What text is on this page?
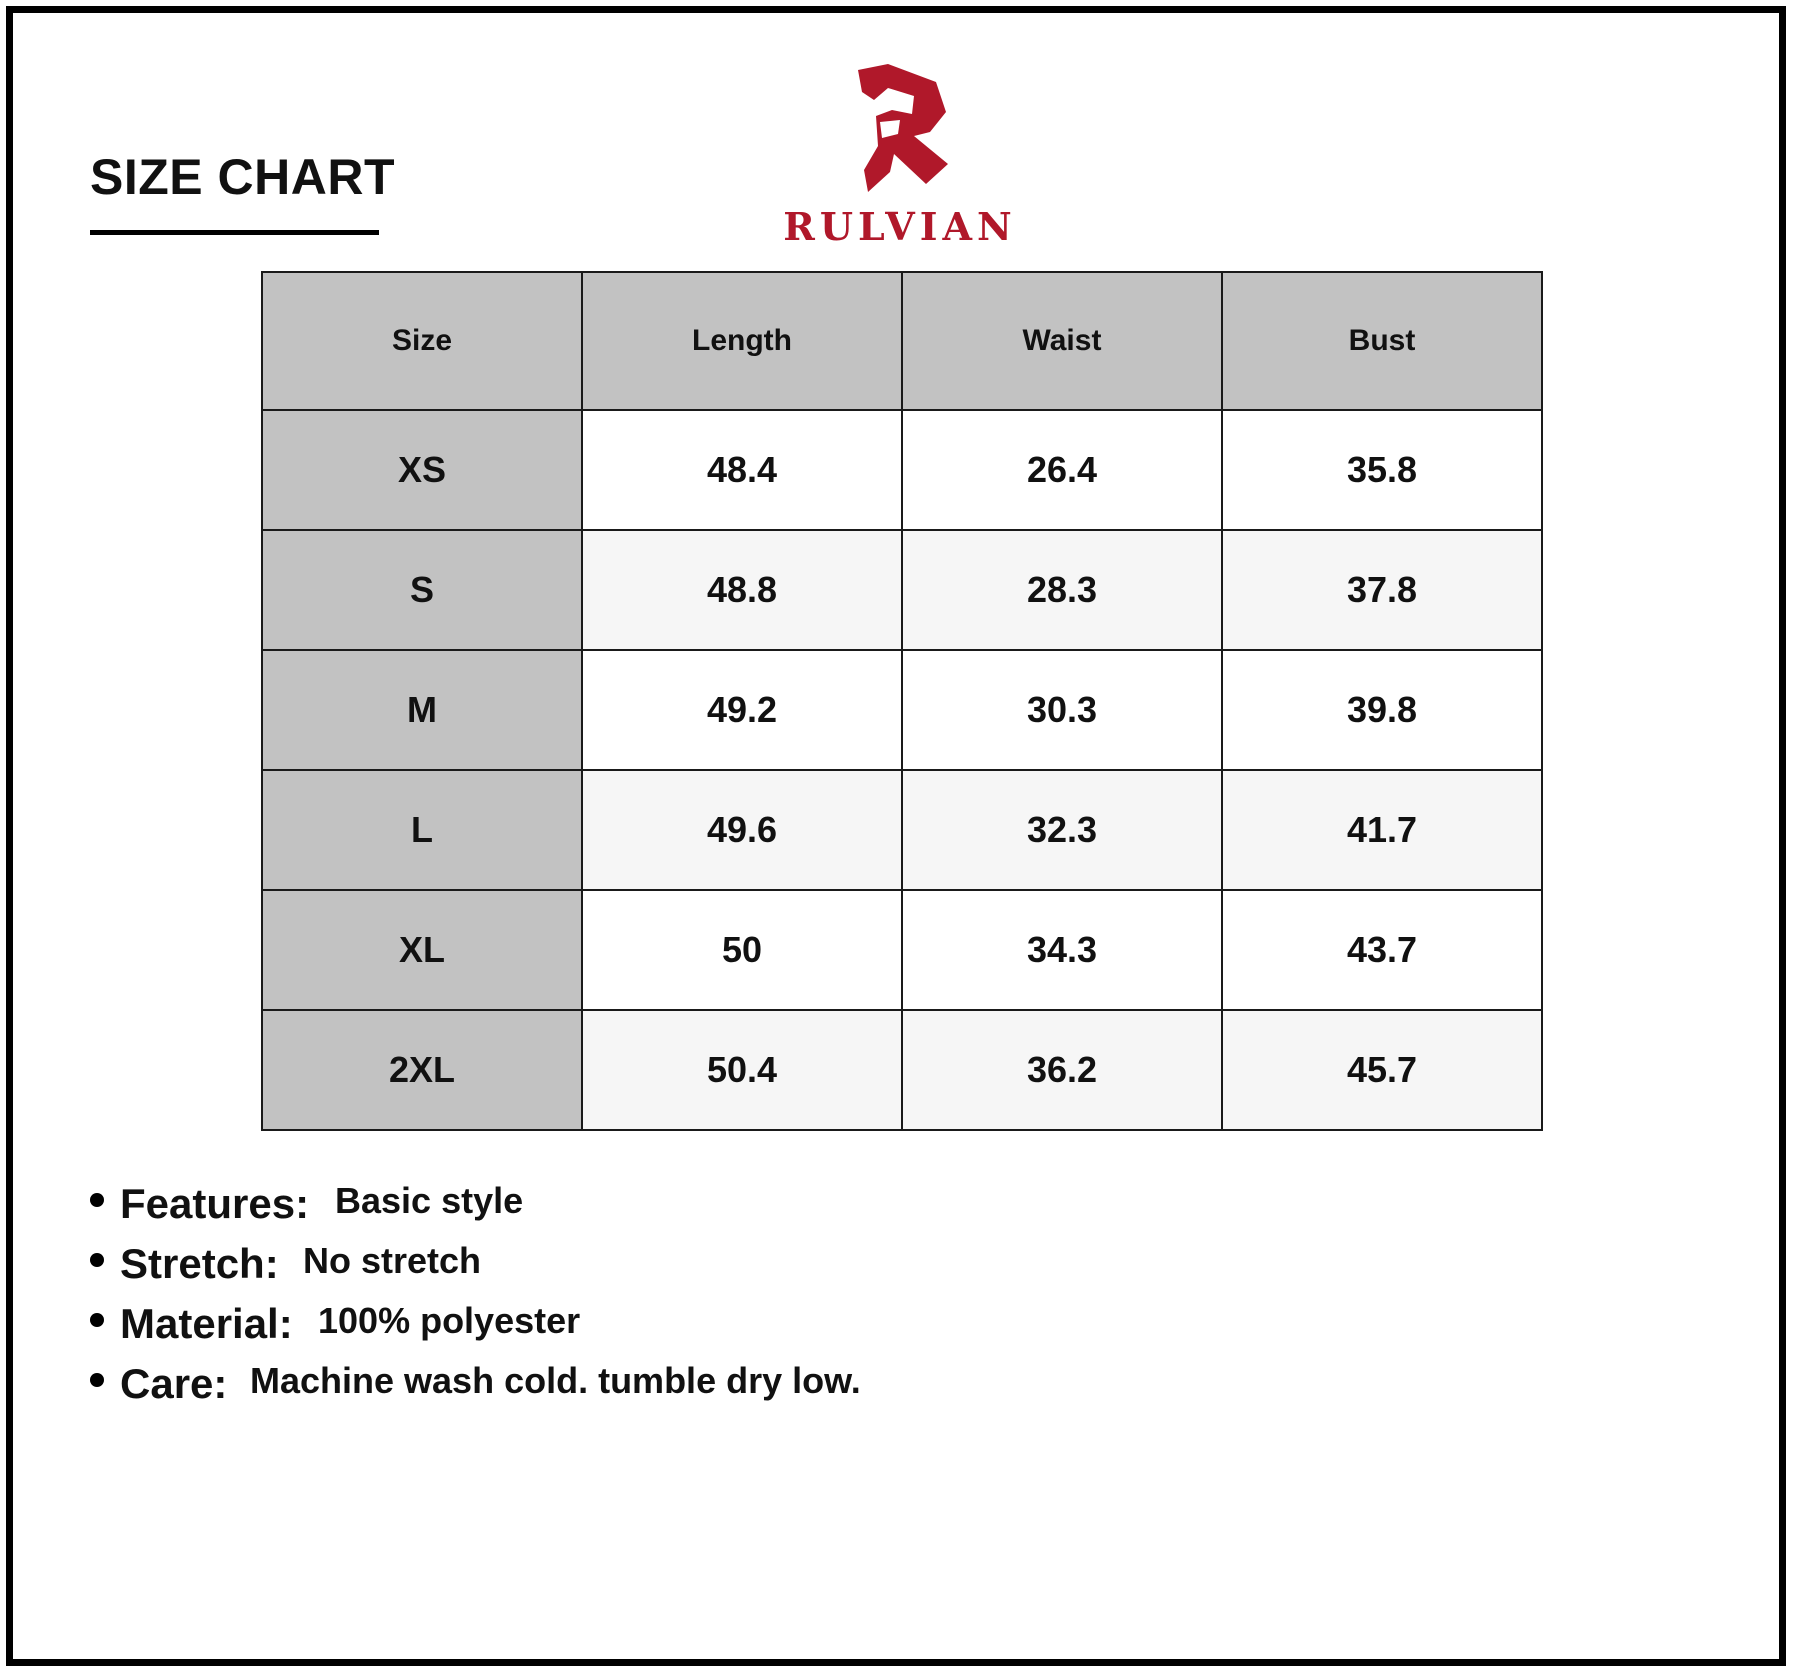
SIZE CHART
RULVIAN
Size	Length	Waist	Bust
XS	48.4	26.4	35.8
S	48.8	28.3	37.8
M	49.2	30.3	39.8
L	49.6	32.3	41.7
XL	50	34.3	43.7
2XL	50.4	36.2	45.7
Features: Basic style
Stretch: No stretch
Material: 100% polyester
Care: Machine wash cold. tumble dry low.
